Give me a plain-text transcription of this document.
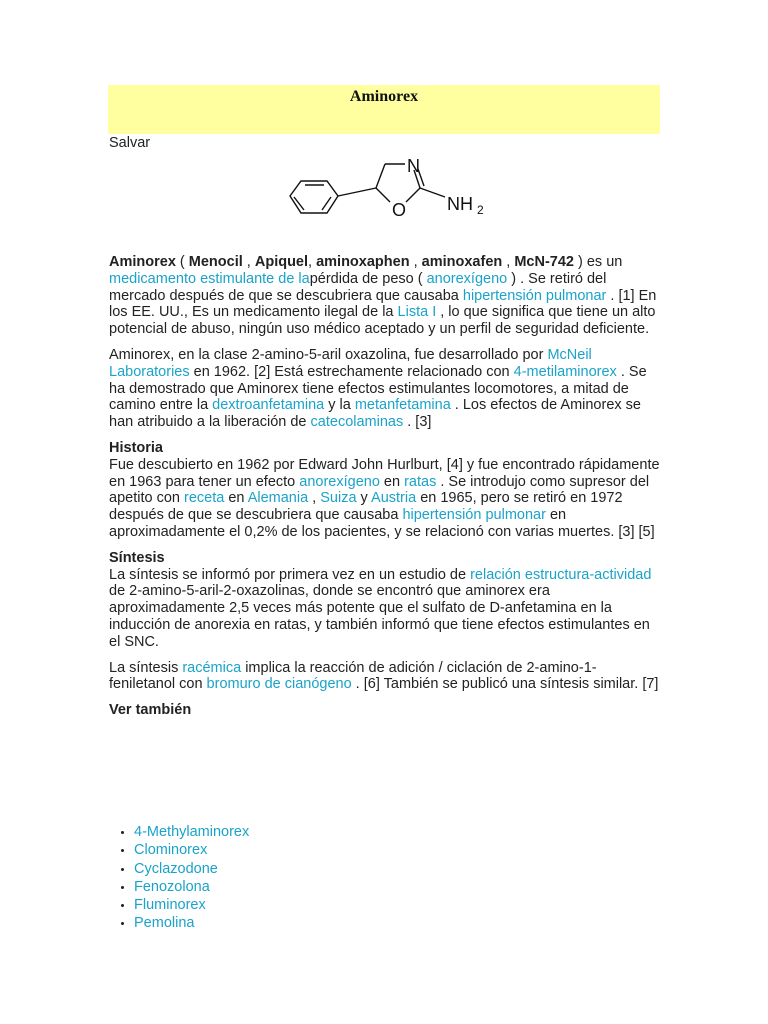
Aminorex
Salvar
N
O NH 2

Aminorex ( Menocil , Apiquel, aminoxaphen , aminoxafen , McN-742 ) es un medicamento estimulante de lapérdida de peso ( anorexígeno ) . Se retiró del mercado después de que se descubriera que causaba hipertensión pulmonar . [1] En los EE. UU., Es un medicamento ilegal de la Lista I , lo que significa que tiene un alto potencial de abuso, ningún uso médico aceptado y un perfil de seguridad deficiente.

Aminorex, en la clase 2-amino-5-aril oxazolina, fue desarrollado por McNeil Laboratories en 1962. [2] Está estrechamente relacionado con 4-metilaminorex . Se ha demostrado que Aminorex tiene efectos estimulantes locomotores, a mitad de camino entre la dextroanfetamina y la metanfetamina . Los efectos de Aminorex se han atribuido a la liberación de catecolaminas . [3]

Historia

Fue descubierto en 1962 por Edward John Hurlburt, [4] y fue encontrado rápidamente en 1963 para tener un efecto anorexígeno en ratas . Se introdujo como supresor del apetito con receta en Alemania , Suiza y Austria en 1965, pero se retiró en 1972 después de que se descubriera que causaba hipertensión pulmonar en aproximadamente el 0,2% de los pacientes, y se relacionó con varias muertes. [3] [5]

Síntesis

La síntesis se informó por primera vez en un estudio de relación estructura-actividad de 2-amino-5-aril-2-oxazolinas, donde se encontró que aminorex era aproximadamente 2,5 veces más potente que el sulfato de D-anfetamina en la inducción de anorexia en ratas, y también informó que tiene efectos estimulantes en el SNC.

La síntesis racémica implica la reacción de adición / ciclación de 2-amino-1-feniletanol con bromuro de cianógeno . [6] También se publicó una síntesis similar. [7]

Ver también
• 4-Methylaminorex
• Clominorex
• Cyclazodone
• Fenozolona
• Fluminorex
• Pemolina
